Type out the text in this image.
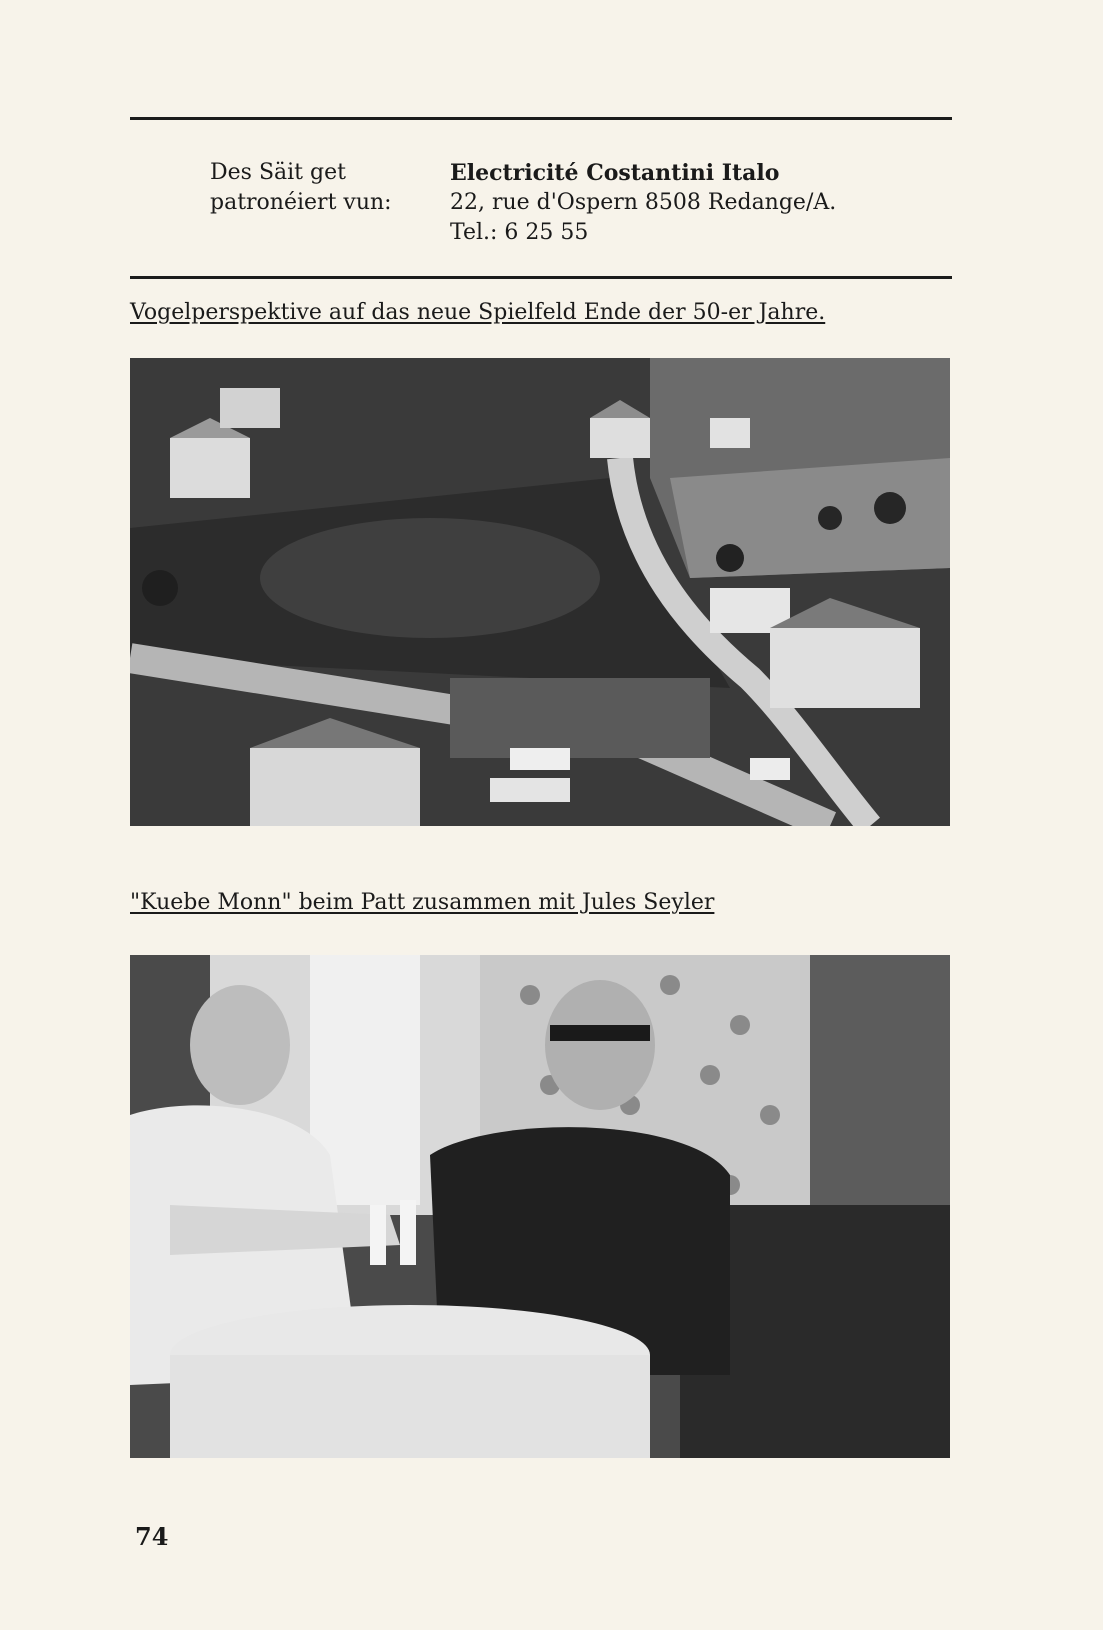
Des Säit get
patronéiert vun:
Electricité Costantini Italo
22, rue d'Ospern 8508 Redange/A.
Tel.: 6 25 55
Vogelperspektive auf das neue Spielfeld Ende der 50-er Jahre.
"Kuebe Monn" beim Patt zusammen mit Jules Seyler
74
